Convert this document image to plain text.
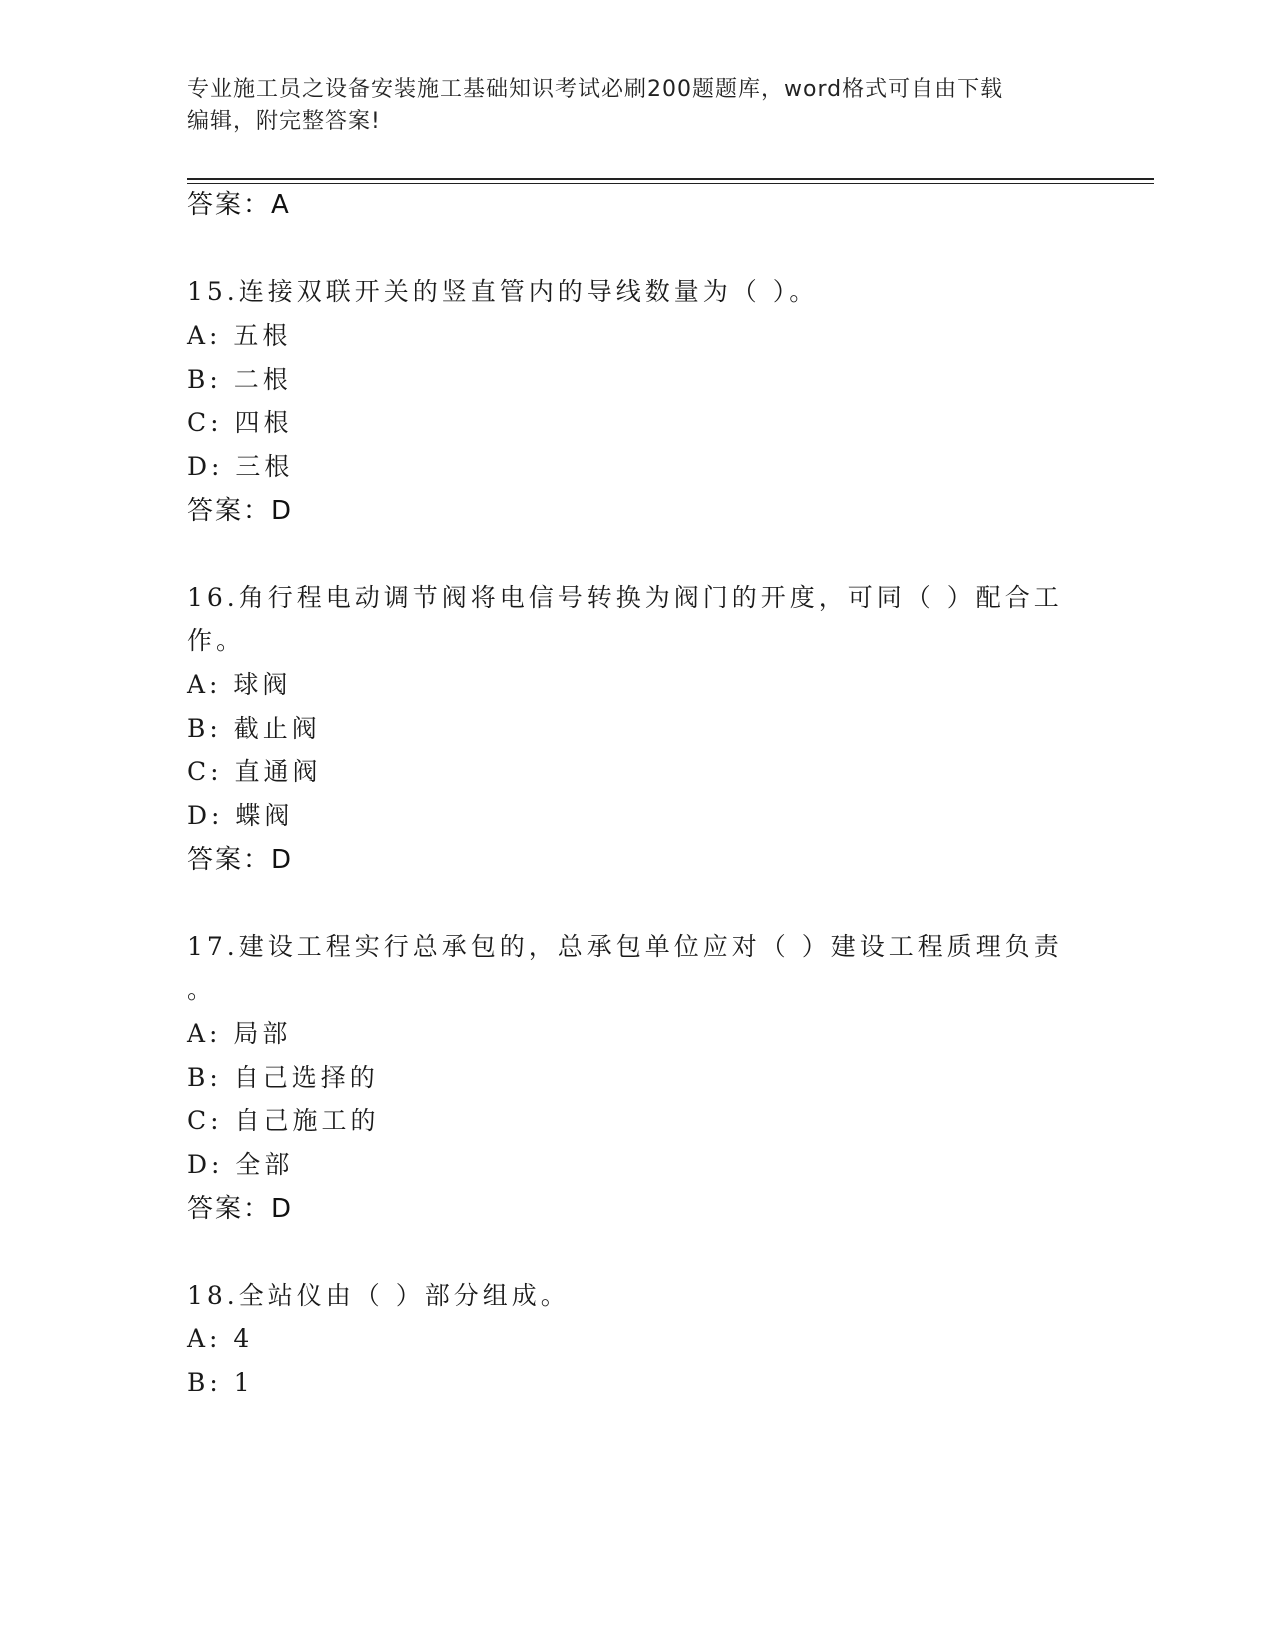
专业施工员之设备安装施工基础知识考试必刷200题题库，word格式可自由下载
编辑，附完整答案!
答案：A
15.连接双联开关的竖直管内的导线数量为（ ）。
A: 五根
B: 二根
C: 四根
D: 三根
答案：D
16.角行程电动调节阀将电信号转换为阀门的开度，可同（ ）配合工
作。
A: 球阀
B: 截止阀
C: 直通阀
D: 蝶阀
答案：D
17.建设工程实行总承包的，总承包单位应对（ ）建设工程质理负责
。
A: 局部
B: 自己选择的
C: 自己施工的
D: 全部
答案：D
18.全站仪由（ ）部分组成。
A: 4
B: 1
